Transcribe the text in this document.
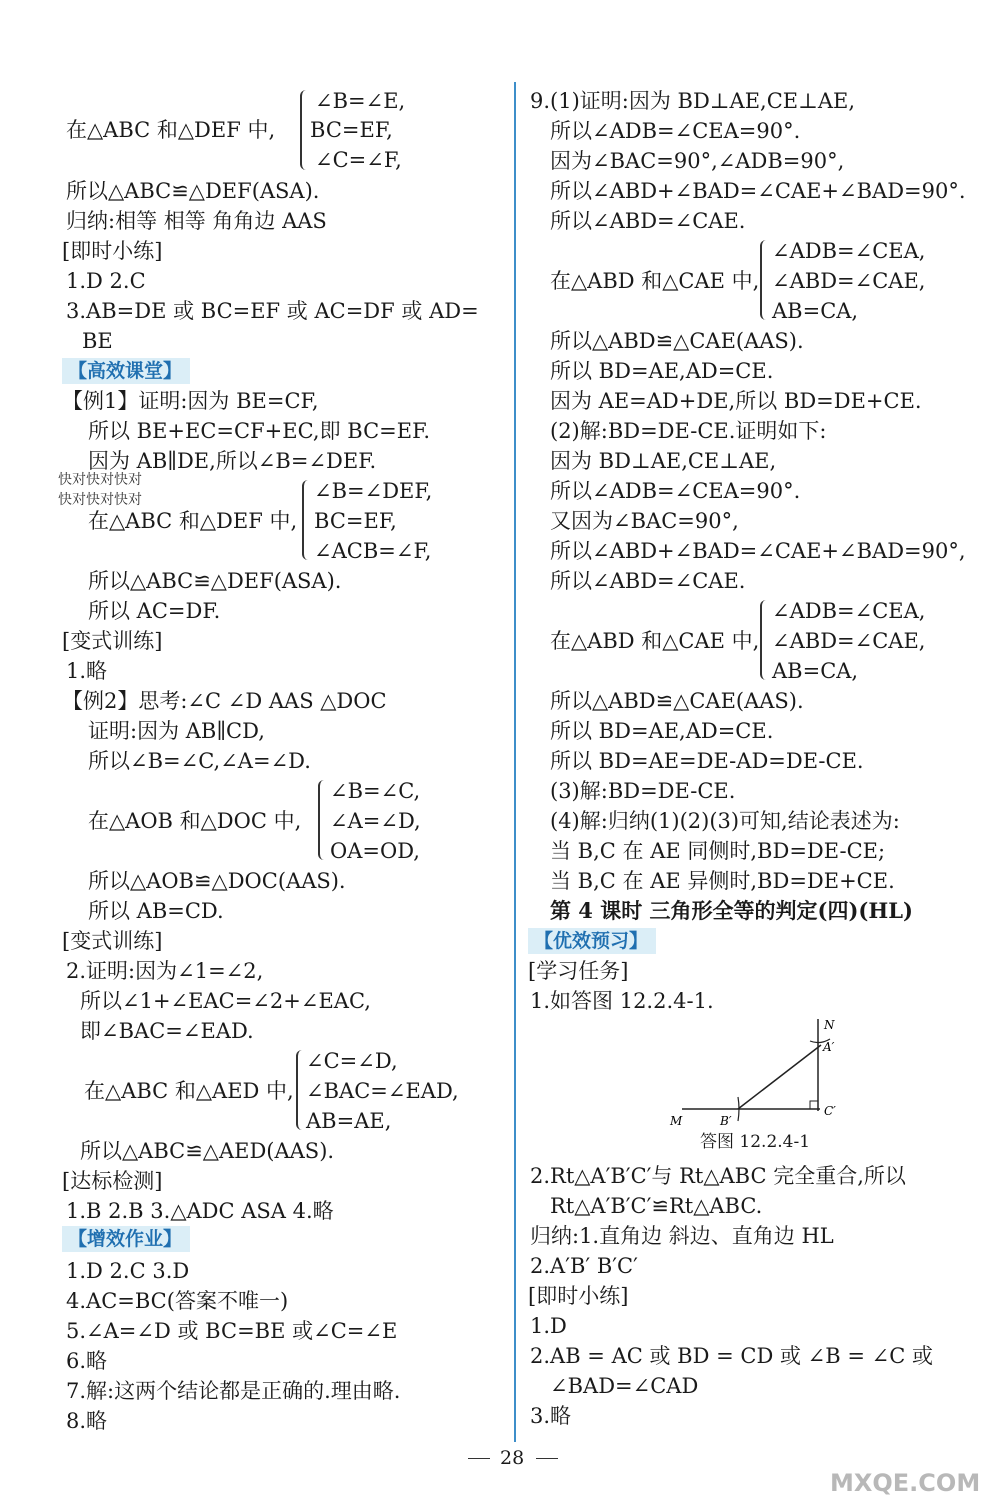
∠B=∠E,
在△ABC 和△DEF 中, BC=EF,
∠C=∠F,
所以△ABC≌△DEF(ASA).
归纳:相等 相等 角角边 AAS
[即时小练]
1.D 2.C
3.AB=DE 或 BC=EF 或 AC=DF 或 AD=
BE
【高效课堂】
【例1】证明:因为 BE=CF,
所以 BE+EC=CF+EC,即 BC=EF.
因为 AB∥DE,所以∠B=∠DEF.
快对快对快对
快对快对快对	∠B=∠DEF,
在△ABC 和△DEF 中, BC=EF,
∠ACB=∠F,
所以△ABC≌△DEF(ASA).
所以 AC=DF.
[变式训练]
1.略
【例2】思考:∠C ∠D AAS △DOC
证明:因为 AB∥CD,
所以∠B=∠C,∠A=∠D.
∠B=∠C,
在△AOB 和△DOC 中, ∠A=∠D,
OA=OD,
所以△AOB≌△DOC(AAS).
所以 AB=CD.
[变式训练]
2.证明:因为∠1=∠2,
所以∠1+∠EAC=∠2+∠EAC,
即∠BAC=∠EAD.
∠C=∠D,
在△ABC 和△AED 中, ∠BAC=∠EAD,
AB=AE,
所以△ABC≌△AED(AAS).
[达标检测]
1.B 2.B 3.△ADC ASA 4.略
【增效作业】
1.D 2.C 3.D
4.AC=BC(答案不唯一)
5.∠A=∠D 或 BC=BE 或∠C=∠E
6.略
7.解:这两个结论都是正确的.理由略.
8.略
9.(1)证明:因为 BD⊥AE,CE⊥AE,
所以∠ADB=∠CEA=90°.
因为∠BAC=90°,∠ADB=90°,
所以∠ABD+∠BAD=∠CAE+∠BAD=90°.
所以∠ABD=∠CAE.
∠ADB=∠CEA,
在△ABD 和△CAE 中, ∠ABD=∠CAE,
AB=CA,
所以△ABD≌△CAE(AAS).
所以 BD=AE,AD=CE.
因为 AE=AD+DE,所以 BD=DE+CE.
(2)解:BD=DE-CE.证明如下:
因为 BD⊥AE,CE⊥AE,
所以∠ADB=∠CEA=90°.
又因为∠BAC=90°,
所以∠ABD+∠BAD=∠CAE+∠BAD=90°,
所以∠ABD=∠CAE.
∠ADB=∠CEA,
在△ABD 和△CAE 中, ∠ABD=∠CAE,
AB=CA,
所以△ABD≌△CAE(AAS).
所以 BD=AE,AD=CE.
所以 BD=AE=DE-AD=DE-CE.
(3)解:BD=DE-CE.
(4)解:归纳(1)(2)(3)可知,结论表述为:
当 B,C 在 AE 同侧时,BD=DE-CE;
当 B,C 在 AE 异侧时,BD=DE+CE.
第 4 课时 三角形全等的判定(四)(HL)
【优效预习】
[学习任务]
1.如答图 12.2.4-1.
N
A′
M	B′
C′
答图 12.2.4-1
2.Rt△A′B′C′与 Rt△ABC 完全重合,所以
Rt△A′B′C′≌Rt△ABC.
归纳:1.直角边 斜边、直角边 HL
2.A′B′ B′C′
[即时小练]
1.D
2.AB = AC 或 BD = CD 或 ∠B = ∠C 或
∠BAD=∠CAD
3.略
28
MXQE.COM
